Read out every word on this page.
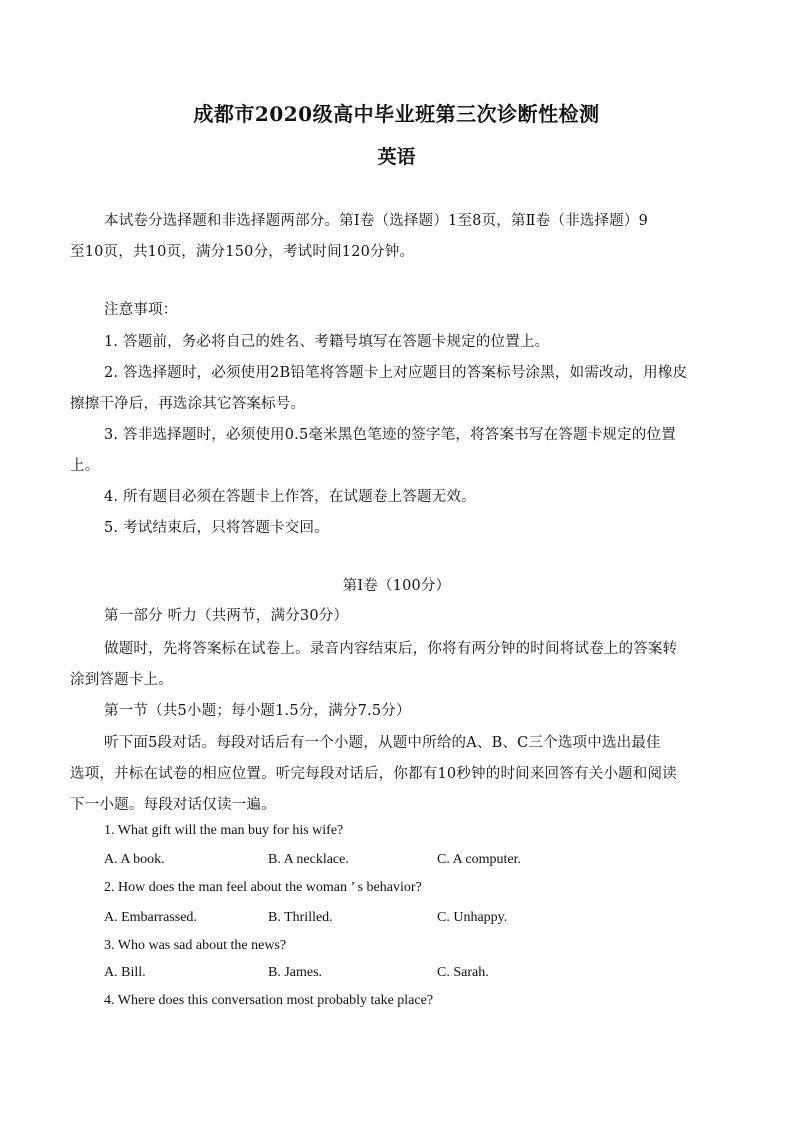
成都市2020级高中毕业班第三次诊断性检测
英语
本试卷分选择题和非选择题两部分。第Ⅰ卷（选择题）1至8页，第Ⅱ卷（非选择题）9
至10页，共10页，满分150分，考试时间120分钟。
注意事项：
1. 答题前，务必将自己的姓名、考籍号填写在答题卡规定的位置上。
2. 答选择题时，必须使用2B铅笔将答题卡上对应题目的答案标号涂黑，如需改动，用橡皮
擦擦干净后，再选涂其它答案标号。
3. 答非选择题时，必须使用0.5毫米黑色笔迹的签字笔，将答案书写在答题卡规定的位置
上。
4. 所有题目必须在答题卡上作答，在试题卷上答题无效。
5. 考试结束后，只将答题卡交回。
第Ⅰ卷（100分）
第一部分 听力（共两节，满分30分）
做题时，先将答案标在试卷上。录音内容结束后，你将有两分钟的时间将试卷上的答案转
涂到答题卡上。
第一节（共5小题；每小题1.5分，满分7.5分）
听下面5段对话。每段对话后有一个小题，从题中所给的A、B、C三个选项中选出最佳
选项，并标在试卷的相应位置。听完每段对话后，你都有10秒钟的时间来回答有关小题和阅读
下一小题。每段对话仅读一遍。
1. What gift will the man buy for his wife?
A. A book.	B. A necklace.	C. A computer.
2. How does the man feel about the woman ’ s behavior?
A. Embarrassed.	B. Thrilled.	C. Unhappy.
3. Who was sad about the news?
A. Bill.	B. James.	C. Sarah.
4. Where does this conversation most probably take place?
